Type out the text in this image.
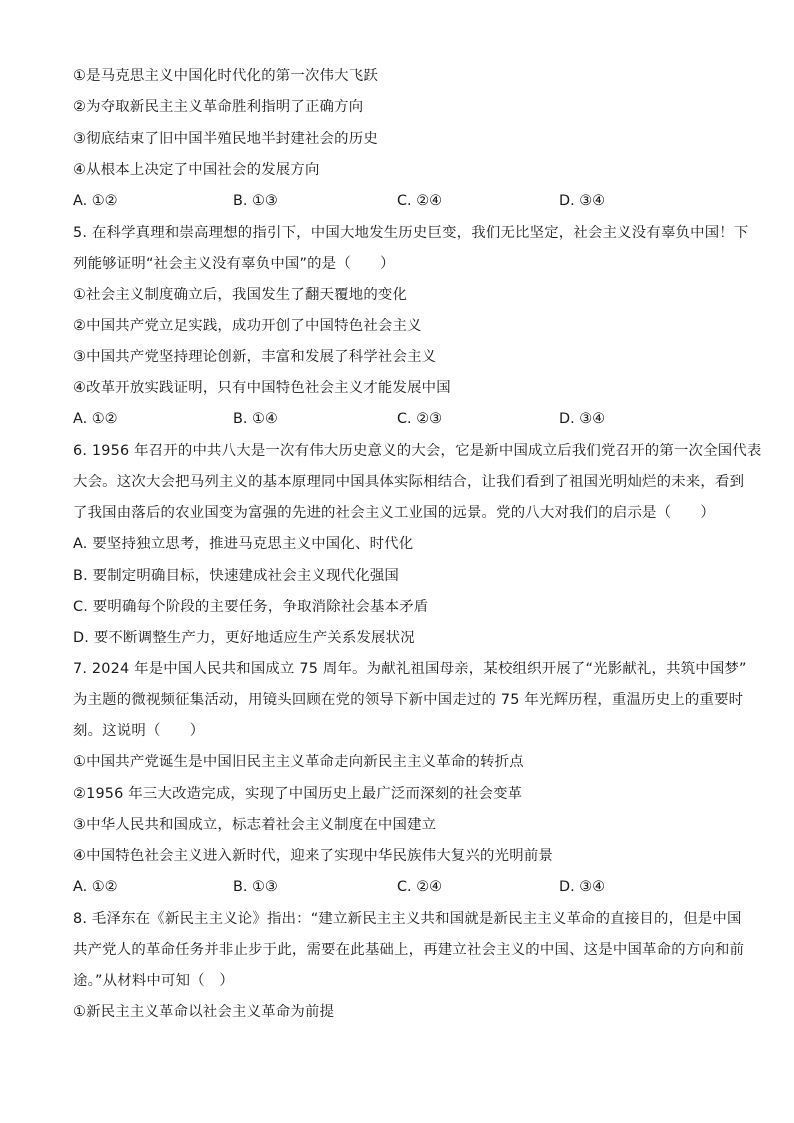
①是马克思主义中国化时代化的第一次伟大飞跃
②为夺取新民主主义革命胜利指明了正确方向
③彻底结束了旧中国半殖民地半封建社会的历史
④从根本上决定了中国社会的发展方向
A. ①②	B. ①③	C. ②④	D. ③④
5. 在科学真理和崇高理想的指引下，中国大地发生历史巨变，我们无比坚定，社会主义没有辜负中国！下
列能够证明“社会主义没有辜负中国”的是（　　）
①社会主义制度确立后，我国发生了翻天覆地的变化
②中国共产党立足实践，成功开创了中国特色社会主义
③中国共产党坚持理论创新，丰富和发展了科学社会主义
④改革开放实践证明，只有中国特色社会主义才能发展中国
A. ①②	B. ①④	C. ②③	D. ③④
6. 1956 年召开的中共八大是一次有伟大历史意义的大会，它是新中国成立后我们党召开的第一次全国代表
大会。这次大会把马列主义的基本原理同中国具体实际相结合，让我们看到了祖国光明灿烂的未来，看到
了我国由落后的农业国变为富强的先进的社会主义工业国的远景。党的八大对我们的启示是（　　）
A. 要坚持独立思考，推进马克思主义中国化、时代化
B. 要制定明确目标，快速建成社会主义现代化强国
C. 要明确每个阶段的主要任务，争取消除社会基本矛盾
D. 要不断调整生产力，更好地适应生产关系发展状况
7. 2024 年是中国人民共和国成立 75 周年。为献礼祖国母亲，某校组织开展了“光影献礼，共筑中国梦”
为主题的微视频征集活动，用镜头回顾在党的领导下新中国走过的 75 年光辉历程，重温历史上的重要时
刻。这说明（　　）
①中国共产党诞生是中国旧民主主义革命走向新民主主义革命的转折点
②1956 年三大改造完成，实现了中国历史上最广泛而深刻的社会变革
③中华人民共和国成立，标志着社会主义制度在中国建立
④中国特色社会主义进入新时代，迎来了实现中华民族伟大复兴的光明前景
A. ①②	B. ①③	C. ②④	D. ③④
8. 毛泽东在《新民主主义论》指出：“建立新民主主义共和国就是新民主主义革命的直接目的，但是中国
共产党人的革命任务并非止步于此，需要在此基础上，再建立社会主义的中国、这是中国革命的方向和前
途。”从材料中可知（　）
①新民主主义革命以社会主义革命为前提
